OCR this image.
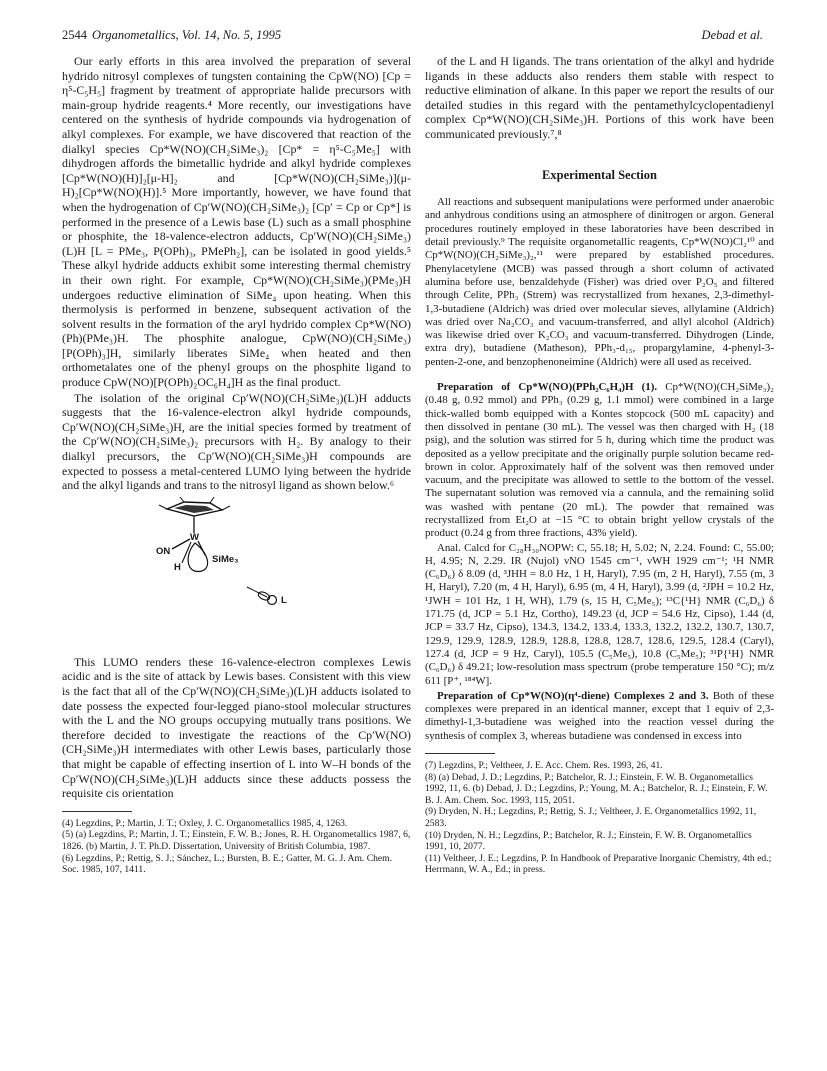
2544 Organometallics, Vol. 14, No. 5, 1995	Debad et al.

Our early efforts in this area involved the preparation of several hydrido nitrosyl complexes of tungsten containing the CpW(NO) [Cp = η⁵-C₅H₅] fragment by treatment of appropriate halide precursors with main-group hydride reagents.⁴ More recently, our investigations have centered on the synthesis of hydride compounds via hydrogenation of alkyl complexes. For example, we have discovered that reaction of the dialkyl species Cp*W(NO)(CH₂SiMe₃)₂ [Cp* = η⁵-C₅Me₅] with dihydrogen affords the bimetallic hydride and alkyl hydride complexes [Cp*W(NO)(H)]₂[μ-H]₂ and [Cp*W(NO)(CH₂SiMe₃)](μ-H)₂[Cp*W(NO)(H)].⁵ More importantly, however, we have found that when the hydrogenation of Cp′W(NO)(CH₂SiMe₃)₂ [Cp′ = Cp or Cp*] is performed in the presence of a Lewis base (L) such as a small phosphine or phosphite, the 18-valence-electron adducts, Cp′W(NO)(CH₂SiMe₃)(L)H [L = PMe₃, P(OPh)₃, PMePh₂], can be isolated in good yields.⁵ These alkyl hydride adducts exhibit some interesting thermal chemistry in their own right. For example, Cp*W(NO)(CH₂SiMe₃)(PMe₃)H undergoes reductive elimination of SiMe₄ upon heating. When this thermolysis is performed in benzene, subsequent activation of the solvent results in the formation of the aryl hydrido complex Cp*W(NO)(Ph)(PMe₃)H. The phosphite analogue, CpW(NO)(CH₂SiMe₃)[P(OPh)₃]H, similarly liberates SiMe₄ when heated and then orthometalates one of the phenyl groups on the phosphite ligand to produce CpW(NO)[P(OPh)₂OC₆H₄]H as the final product.

The isolation of the original Cp′W(NO)(CH₂SiMe₃)(L)H adducts suggests that the 16-valence-electron alkyl hydride compounds, Cp′W(NO)(CH₂SiMe₃)H, are the initial species formed by treatment of the Cp′W(NO)(CH₂SiMe₃)₂ precursors with H₂. By analogy to their dialkyl precursors, the Cp′W(NO)(CH₂SiMe₃)H compounds are expected to possess a metal-centered LUMO lying between the hydride and the alkyl ligands and trans to the nitrosyl ligand as shown below.⁶

W
ON
H
SiMe₃
L

This LUMO renders these 16-valence-electron complexes Lewis acidic and is the site of attack by Lewis bases. Consistent with this view is the fact that all of the Cp′W(NO)(CH₂SiMe₃)(L)H adducts isolated to date possess the expected four-legged piano-stool molecular structures with the L and the NO groups occupying mutually trans positions. We therefore decided to investigate the reactions of the Cp′W(NO)(CH₂SiMe₃)H intermediates with other Lewis bases, particularly those that might be capable of effecting insertion of L into W–H bonds of the Cp′W(NO)(CH₂SiMe₃)(L)H adducts since these adducts possess the requisite cis orientation

(4) Legzdins, P.; Martin, J. T.; Oxley, J. C. Organometallics 1985, 4, 1263.
(5) (a) Legzdins, P.; Martin, J. T.; Einstein, F. W. B.; Jones, R. H. Organometallics 1987, 6, 1826. (b) Martin, J. T. Ph.D. Dissertation, University of British Columbia, 1987.
(6) Legzdins, P.; Rettig, S. J.; Sánchez, L.; Bursten, B. E.; Gatter, M. G. J. Am. Chem. Soc. 1985, 107, 1411.

of the L and H ligands. The trans orientation of the alkyl and hydride ligands in these adducts also renders them stable with respect to reductive elimination of alkane. In this paper we report the results of our detailed studies in this regard with the pentamethylcyclopentadienyl complex Cp*W(NO)(CH₂SiMe₃)H. Portions of this work have been communicated previously.⁷,⁸

Experimental Section

All reactions and subsequent manipulations were performed under anaerobic and anhydrous conditions using an atmosphere of dinitrogen or argon. General procedures routinely employed in these laboratories have been described in detail previously.⁹ The requisite organometallic reagents, Cp*W(NO)Cl₂¹⁰ and Cp*W(NO)(CH₂SiMe₃)₂,¹¹ were prepared by established procedures. Phenylacetylene (MCB) was passed through a short column of activated alumina before use, benzaldehyde (Fisher) was dried over P₂O₅ and filtered through Celite, PPh₃ (Strem) was recrystallized from hexanes, 2,3-dimethyl-1,3-butadiene (Aldrich) was dried over molecular sieves, allylamine (Aldrich) was dried over Na₂CO₃ and vacuum-transferred, and allyl alcohol (Aldrich) was likewise dried over K₂CO₃ and vacuum-transferred. Dihydrogen (Linde, extra dry), butadiene (Matheson), PPh₃-d₁₅, propargylamine, 4-phenyl-3-penten-2-one, and benzophenoneimine (Aldrich) were all used as received.

Preparation of Cp*W(NO)(PPh₂C₆H₄)H (1). Cp*W(NO)(CH₂SiMe₃)₂ (0.48 g, 0.92 mmol) and PPh₃ (0.29 g, 1.1 mmol) were combined in a large thick-walled bomb equipped with a Kontes stopcock (500 mL capacity) and then dissolved in pentane (30 mL). The vessel was then charged with H₂ (18 psig), and the solution was stirred for 5 h, during which time the product was deposited as a yellow precipitate and the originally purple solution became red-brown in color. Approximately half of the solvent was then removed under vacuum, and the precipitate was allowed to settle to the bottom of the vessel. The supernatant solution was removed via a cannula, and the remaining solid was washed with pentane (20 mL). The powder that remained was recrystallized from Et₂O at −15 °C to obtain bright yellow crystals of the product (0.24 g from three fractions, 43% yield).

Anal. Calcd for C₂₈H₃₀NOPW: C, 55.18; H, 5.02; N, 2.24. Found: C, 55.00; H, 4.95; N, 2.29. IR (Nujol) νNO 1545 cm⁻¹, νWH 1929 cm⁻¹; ¹H NMR (C₆D₆) δ 8.09 (d, ³JHH = 8.0 Hz, 1 H, Haryl), 7.95 (m, 2 H, Haryl), 7.55 (m, 3 H, Haryl), 7.20 (m, 4 H, Haryl), 6.95 (m, 4 H, Haryl), 3.99 (d, ²JPH = 10.2 Hz, ¹JWH = 101 Hz, 1 H, WH), 1.79 (s, 15 H, C₅Me₅); ¹³C{¹H} NMR (C₆D₆) δ 171.75 (d, JCP = 5.1 Hz, Cortho), 149.23 (d, JCP = 54.6 Hz, Cipso), 1.44 (d, JCP = 33.7 Hz, Cipso), 134.3, 134.2, 133.4, 133.3, 132.2, 132.2, 130.7, 130.7, 129.9, 129.9, 128.9, 128.9, 128.8, 128.8, 128.7, 128.6, 129.5, 128.4 (Caryl), 127.4 (d, JCP = 9 Hz, Caryl), 105.5 (C₅Me₅), 10.8 (C₅Me₅); ³¹P{¹H} NMR (C₆D₆) δ 49.21; low-resolution mass spectrum (probe temperature 150 °C); m/z 611 [P⁺, ¹⁸⁴W].

Preparation of Cp*W(NO)(η⁴-diene) Complexes 2 and 3. Both of these complexes were prepared in an identical manner, except that 1 equiv of 2,3-dimethyl-1,3-butadiene was weighed into the reaction vessel during the synthesis of complex 3, whereas butadiene was condensed in excess into

(7) Legzdins, P.; Veltheer, J. E. Acc. Chem. Res. 1993, 26, 41.
(8) (a) Debad, J. D.; Legzdins, P.; Batchelor, R. J.; Einstein, F. W. B. Organometallics 1992, 11, 6. (b) Debad, J. D.; Legzdins, P.; Young, M. A.; Batchelor, R. J.; Einstein, F. W. B. J. Am. Chem. Soc. 1993, 115, 2051.
(9) Dryden, N. H.; Legzdins, P.; Rettig, S. J.; Veltheer, J. E. Organometallics 1992, 11, 2583.
(10) Dryden, N. H.; Legzdins, P.; Batchelor, R. J.; Einstein, F. W. B. Organometallics 1991, 10, 2077.
(11) Veltheer, J. E.; Legzdins, P. In Handbook of Preparative Inorganic Chemistry, 4th ed.; Herrmann, W. A., Ed.; in press.
